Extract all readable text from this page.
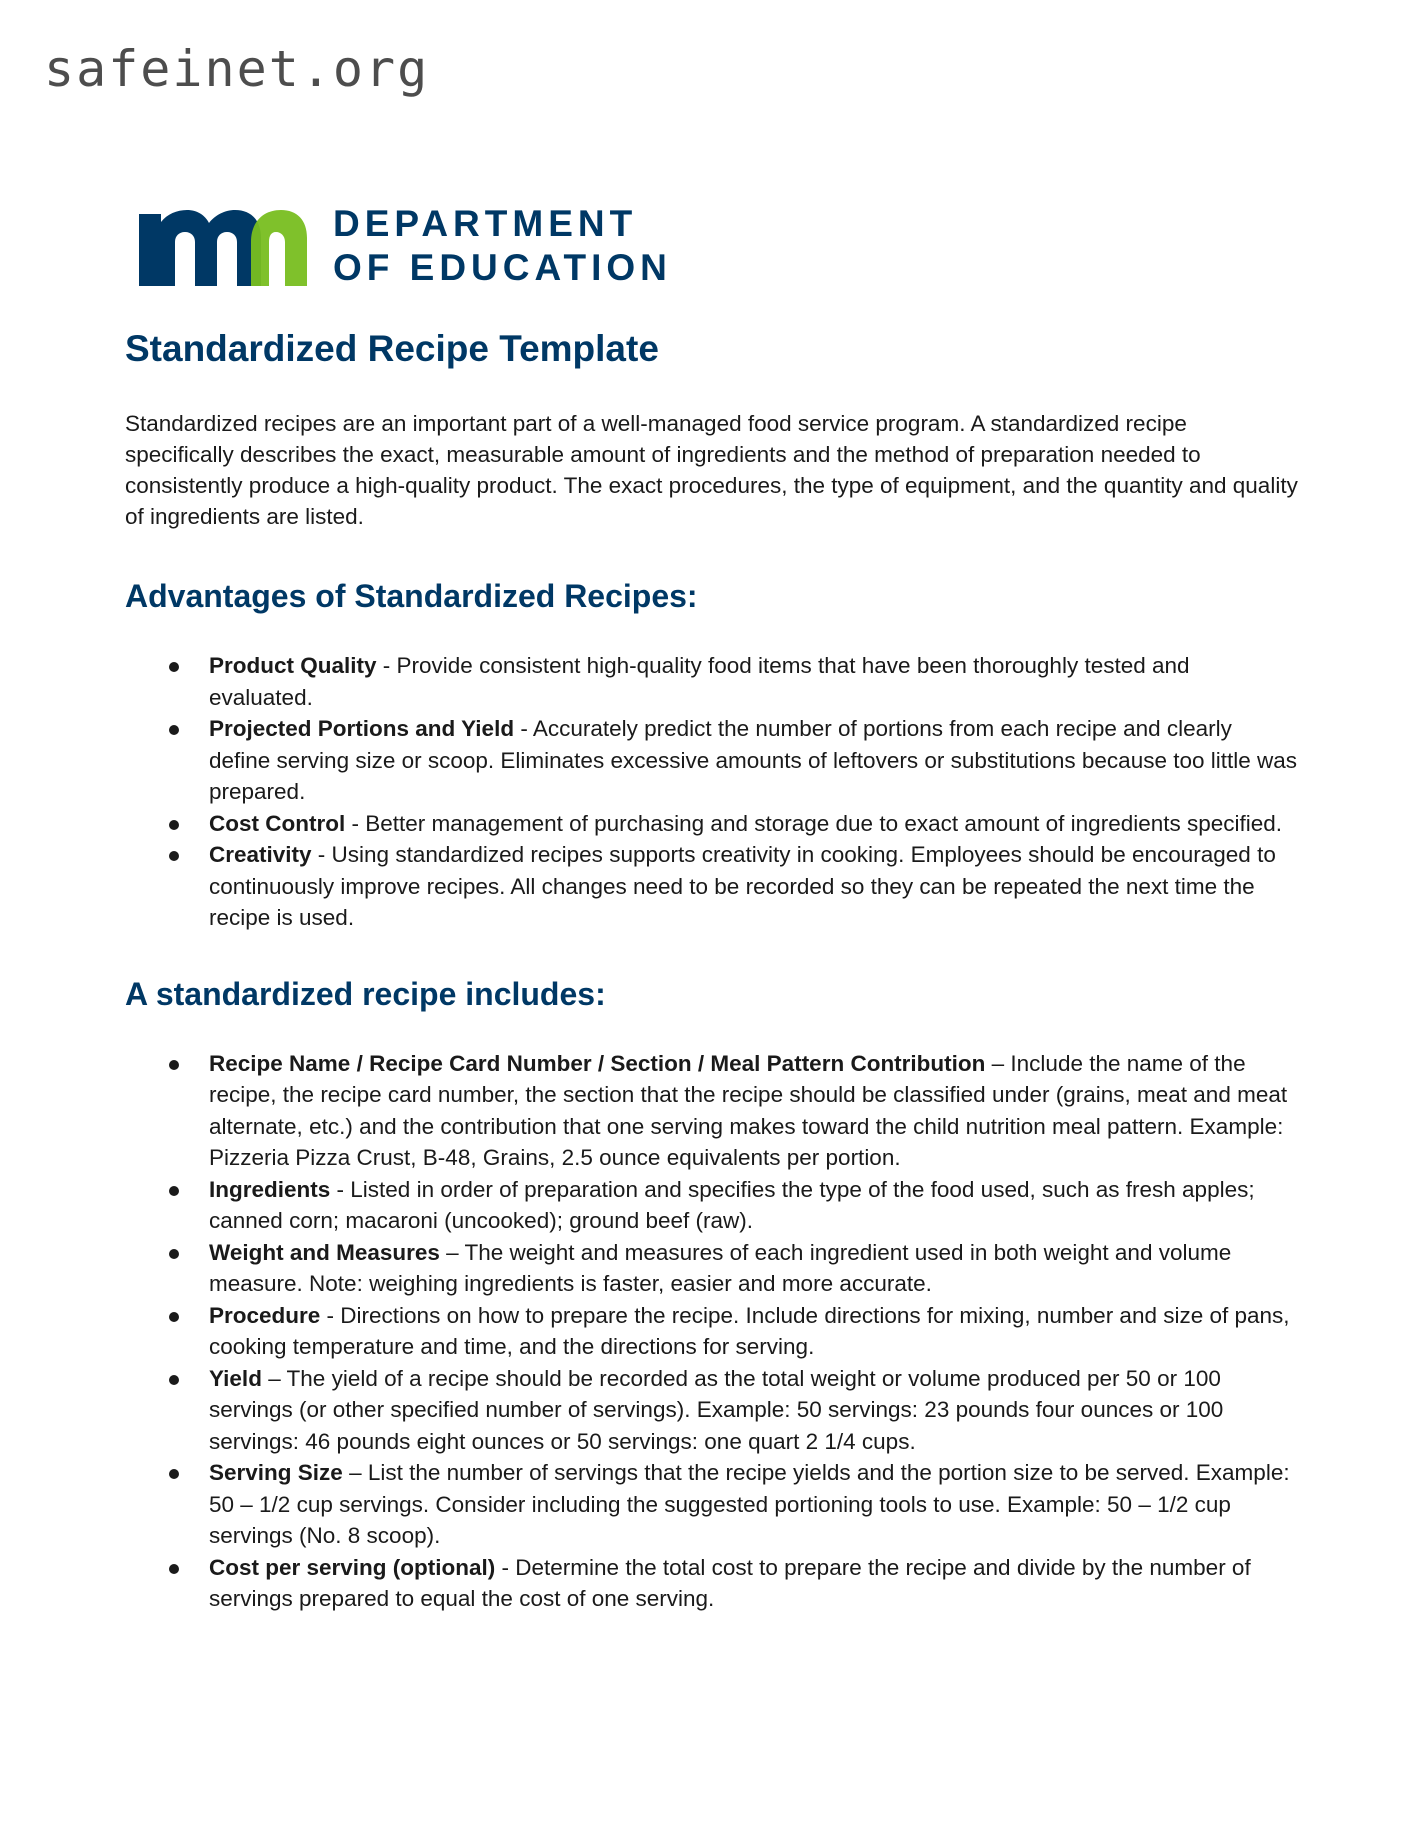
safeinet.org
DEPARTMENT
OF EDUCATION
Standardized Recipe Template

Standardized recipes are an important part of a well-managed food service program. A standardized recipe specifically describes the exact, measurable amount of ingredients and the method of preparation needed to consistently produce a high-quality product. The exact procedures, the type of equipment, and the quantity and quality of ingredients are listed.

Advantages of Standardized Recipes:
Product Quality - Provide consistent high-quality food items that have been thoroughly tested and evaluated.
Projected Portions and Yield - Accurately predict the number of portions from each recipe and clearly define serving size or scoop. Eliminates excessive amounts of leftovers or substitutions because too little was prepared.
Cost Control - Better management of purchasing and storage due to exact amount of ingredients specified.
Creativity - Using standardized recipes supports creativity in cooking. Employees should be encouraged to continuously improve recipes. All changes need to be recorded so they can be repeated the next time the recipe is used.
A standardized recipe includes:
Recipe Name / Recipe Card Number / Section / Meal Pattern Contribution – Include the name of the recipe, the recipe card number, the section that the recipe should be classified under (grains, meat and meat alternate, etc.) and the contribution that one serving makes toward the child nutrition meal pattern. Example: Pizzeria Pizza Crust, B-48, Grains, 2.5 ounce equivalents per portion.
Ingredients - Listed in order of preparation and specifies the type of the food used, such as fresh apples; canned corn; macaroni (uncooked); ground beef (raw).
Weight and Measures – The weight and measures of each ingredient used in both weight and volume measure. Note: weighing ingredients is faster, easier and more accurate.
Procedure - Directions on how to prepare the recipe. Include directions for mixing, number and size of pans, cooking temperature and time, and the directions for serving.
Yield – The yield of a recipe should be recorded as the total weight or volume produced per 50 or 100 servings (or other specified number of servings). Example: 50 servings: 23 pounds four ounces or 100 servings: 46 pounds eight ounces or 50 servings: one quart 2 1/4 cups.
Serving Size – List the number of servings that the recipe yields and the portion size to be served. Example: 50 – 1/2 cup servings. Consider including the suggested portioning tools to use. Example: 50 – 1/2 cup servings (No. 8 scoop).
Cost per serving (optional) - Determine the total cost to prepare the recipe and divide by the number of servings prepared to equal the cost of one serving.
